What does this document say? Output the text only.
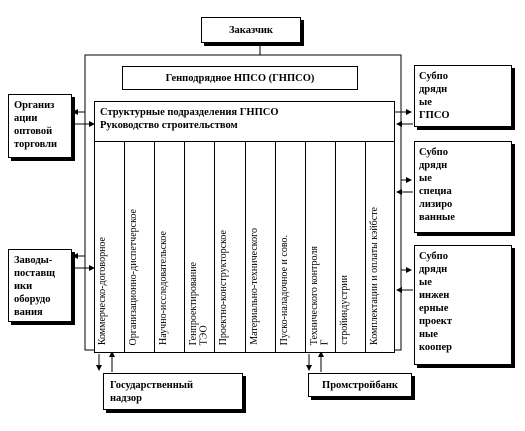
Заказчик
Генподрядное НПСО (ГНПСО)
Структурные подразделения ГНПСО
Руководство строительством
Коммерческо-договорное Организационно-диспетчерское Научно-исследовательское Генпроектирование
ТЭО Проектно-конструкторское Материально-технического Пуско-наладочное и сово. Технического контроля
Г стройиндустрии Комплектации и оплаты кэйбсте
Организ
ации
оптовой
торговли
Заводы-
поставщ
ики
оборудо
вания
Субпо
дрядн
ые
ГПСО
Субпо
дрядн
ые
специа
лизиро
ванные
Субпо
дрядн
ые
инжен
ерные
проект
ные
коопер
Государственный
надзор
Промстройбанк
